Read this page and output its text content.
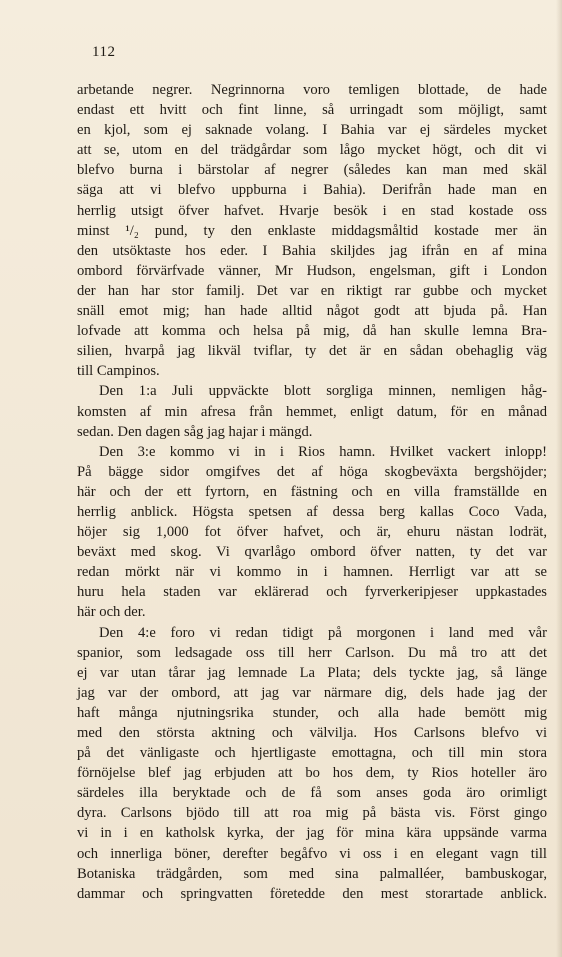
112
arbetande negrer. Negrinnorna voro temligen blottade, de hade
endast ett hvitt och fint linne, så urringadt som möjligt, samt
en kjol, som ej saknade volang. I Bahia var ej särdeles mycket
att se, utom en del trädgårdar som lågo mycket högt, och dit vi
blefvo burna i bärstolar af negrer (således kan man med skäl
säga att vi blefvo uppburna i Bahia). Derifrån hade man en
herrlig utsigt öfver hafvet. Hvarje besök i en stad kostade oss
minst ¹/₂ pund, ty den enklaste middagsmåltid kostade mer än
den utsöktaste hos eder. I Bahia skiljdes jag ifrån en af mina
ombord förvärfvade vänner, Mr Hudson, engelsman, gift i London
der han har stor familj. Det var en riktigt rar gubbe och mycket
snäll emot mig; han hade alltid något godt att bjuda på. Han
lofvade att komma och helsa på mig, då han skulle lemna Bra-
silien, hvarpå jag likväl tviflar, ty det är en sådan obehaglig väg
till Campinos.
Den 1:a Juli uppväckte blott sorgliga minnen, nemligen håg-
komsten af min afresa från hemmet, enligt datum, för en månad
sedan. Den dagen såg jag hajar i mängd.
Den 3:e kommo vi in i Rios hamn. Hvilket vackert inlopp!
På bägge sidor omgifves det af höga skogbeväxta bergshöjder;
här och der ett fyrtorn, en fästning och en villa framställde en
herrlig anblick. Högsta spetsen af dessa berg kallas Coco Vada,
höjer sig 1,000 fot öfver hafvet, och är, ehuru nästan lodrät,
beväxt med skog. Vi qvarlågo ombord öfver natten, ty det var
redan mörkt när vi kommo in i hamnen. Herrligt var att se
huru hela staden var eklärerad och fyrverkeripjeser uppkastades
här och der.
Den 4:e foro vi redan tidigt på morgonen i land med vår
spanior, som ledsagade oss till herr Carlson. Du må tro att det
ej var utan tårar jag lemnade La Plata; dels tyckte jag, så länge
jag var der ombord, att jag var närmare dig, dels hade jag der
haft många njutningsrika stunder, och alla hade bemött mig
med den största aktning och välvilja. Hos Carlsons blefvo vi
på det vänligaste och hjertligaste emottagna, och till min stora
förnöjelse blef jag erbjuden att bo hos dem, ty Rios hoteller äro
särdeles illa beryktade och de få som anses goda äro orimligt
dyra. Carlsons bjödo till att roa mig på bästa vis. Först gingo
vi in i en katholsk kyrka, der jag för mina kära uppsände varma
och innerliga böner, derefter begåfvo vi oss i en elegant vagn till
Botaniska trädgården, som med sina palmalléer, bambuskogar,
dammar och springvatten företedde den mest storartade anblick.
